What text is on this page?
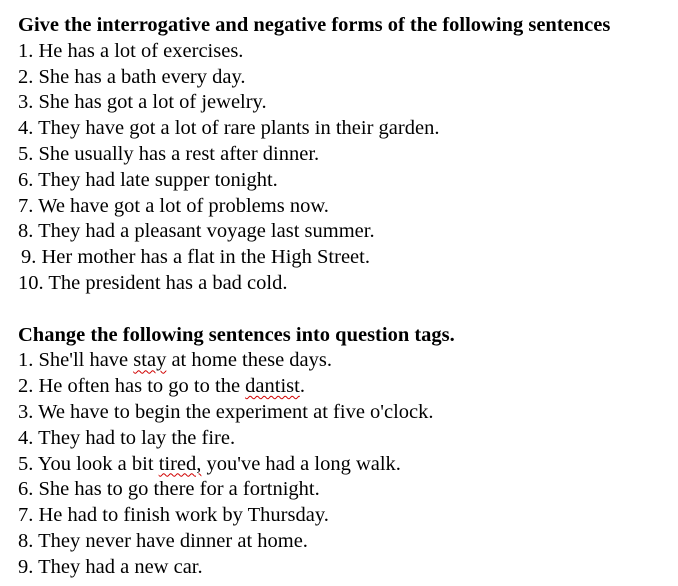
Give the interrogative and negative forms of the following sentences
1. He has a lot of exercises.
2. She has a bath every day.
3. She has got a lot of jewelry.
4. They have got a lot of rare plants in their garden.
5. She usually has a rest after dinner.
6. They had late supper tonight.
7. We have got a lot of problems now.
8. They had a pleasant voyage last summer.
9. Her mother has a flat in the High Street.
10. The president has a bad cold.
Change the following sentences into question tags.
1. She'll have stay at home these days.
2. He often has to go to the dantist.
3. We have to begin the experiment at five o'clock.
4. They had to lay the fire.
5. You look a bit tired, you've had a long walk.
6. She has to go there for a fortnight.
7. He had to finish work by Thursday.
8. They never have dinner at home.
9. They had a new car.
